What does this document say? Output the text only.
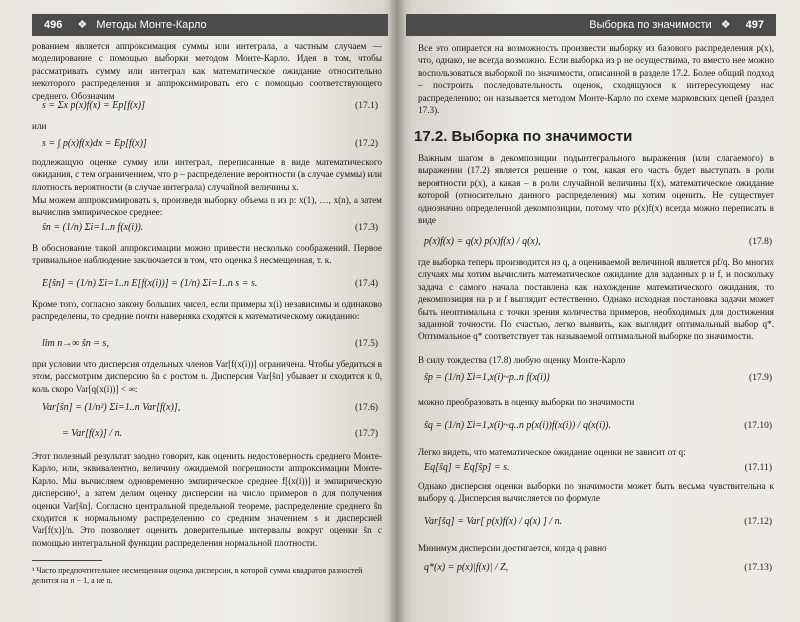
496 ❖ Методы Монте-Карло
рованием является аппроксимация суммы или интеграла, а частным случаем — моделирование с помощью выборки методом Монте-Карло. Идея в том, чтобы рассматривать сумму или интеграл как математическое ожидание относительно некоторого распределения и аппроксимировать его с помощью соответствующего среднего. Обозначим
s = Σx p(x)f(x) = Ep[f(x)]	(17.1)
или
s = ∫ p(x)f(x)dx = Ep[f(x)]	(17.2)
подлежащую оценке сумму или интеграл, переписанные в виде математического ожидания, с тем ограничением, что p – распределение вероятности (в случае суммы) или плотность вероятности (в случае интеграла) случайной величины x.
Мы можем аппроксимировать s, произведя выборку объема n из p: x(1), …, x(n), а затем вычислив эмпирическое среднее:
ŝn = (1/n) Σi=1..n f(x(i)).	(17.3)
В обоснование такой аппроксимации можно привести несколько соображений. Первое тривиальное наблюдение заключается в том, что оценка ŝ несмещенная, т. к.
E[ŝn] = (1/n) Σi=1..n E[f(x(i))] = (1/n) Σi=1..n s = s.	(17.4)
Кроме того, согласно закону больших чисел, если примеры x(i) независимы и одинаково распределены, то средние почти наверняка сходятся к математическому ожиданию:
lim n→∞ ŝn = s,	(17.5)
при условии что дисперсия отдельных членов Var[f(x(i))] ограничена. Чтобы убедиться в этом, рассмотрим дисперсию ŝn с ростом n. Дисперсия Var[ŝn] убывает и сходится к 0, коль скоро Var[q(x(i))] < ∞:
Var[ŝn] = (1/n²) Σi=1..n Var[f(x)],	(17.6)
= Var[f(x)] / n.	(17.7)
Этот полезный результат заодно говорит, как оценить недостоверность среднего Монте-Карло, или, эквивалентно, величину ожидаемой погрешности аппроксимации Монте-Карло. Мы вычисляем одновременно эмпирическое среднее f[(x(i))] и эмпирическую дисперсию¹, а затем делим оценку дисперсии на число примеров n для получения оценки Var[ŝn]. Согласно центральной предельной теореме, распределение среднего ŝn сходится к нормальному распределению со средним значением s и дисперсией Var[f(x)]/n. Это позволяет оценить доверительные интервалы вокруг оценки ŝn с помощью интегральной функции распределения нормальной плотности.
¹ Часто предпочтительнее несмещенная оценка дисперсии, в которой сумма квадратов разностей делится на n − 1, а не n.
Выборка по значимости ❖ 497
Все это опирается на возможность произвести выборку из базового распределения p(x), что, однако, не всегда возможно. Если выборка из p не осуществима, то вместо нее можно воспользоваться выборкой по значимости, описанной в разделе 17.2. Более общий подход – построить последовательность оценок, сходящуюся к интересующему нас распределению; он называется методом Монте-Карло по схеме марковских цепей (раздел 17.3).
17.2. Выборка по значимости
Важным шагом в декомпозиции подынтегрального выражения (или слагаемого) в выражении (17.2) является решение о том, какая его часть будет выступать в роли вероятности p(x), а какая – в роли случайной величины f(x), математическое ожидание которой (относительно данного распределения) мы хотим оценить. Не существует однозначно определенной декомпозиции, потому что p(x)f(x) всегда можно переписать в виде
p(x)f(x) = q(x) p(x)f(x) / q(x),	(17.8)
где выборка теперь производится из q, а оцениваемой величиной является pf/q. Во многих случаях мы хотим вычислить математическое ожидание для заданных p и f, и поскольку задача с самого начала поставлена как нахождение математического ожидания, то декомпозиция на p и f выглядит естественно. Однако исходная постановка задачи может быть неоптимальна с точки зрения количества примеров, необходимых для достижения заданной точности. По счастью, легко выявить, как выглядит оптимальный выбор q*. Оптимальное q* соответствует так называемой оптимальной выборке по значимости.
В силу тождества (17.8) любую оценку Монте-Карло
ŝp = (1/n) Σi=1,x(i)~p..n f(x(i))	(17.9)
можно преобразовать в оценку выборки по значимости
ŝq = (1/n) Σi=1,x(i)~q..n p(x(i))f(x(i)) / q(x(i)).	(17.10)
Легко видеть, что математическое ожидание оценки не зависит от q:
Eq[ŝq] = Eq[ŝp] = s.	(17.11)
Однако дисперсия оценки выборки по значимости может быть весьма чувствительна к выбору q. Дисперсия вычисляется по формуле
Var[ŝq] = Var[ p(x)f(x) / q(x) ] / n.	(17.12)
Минимум дисперсии достигается, когда q равно
q*(x) = p(x)|f(x)| / Z,	(17.13)
